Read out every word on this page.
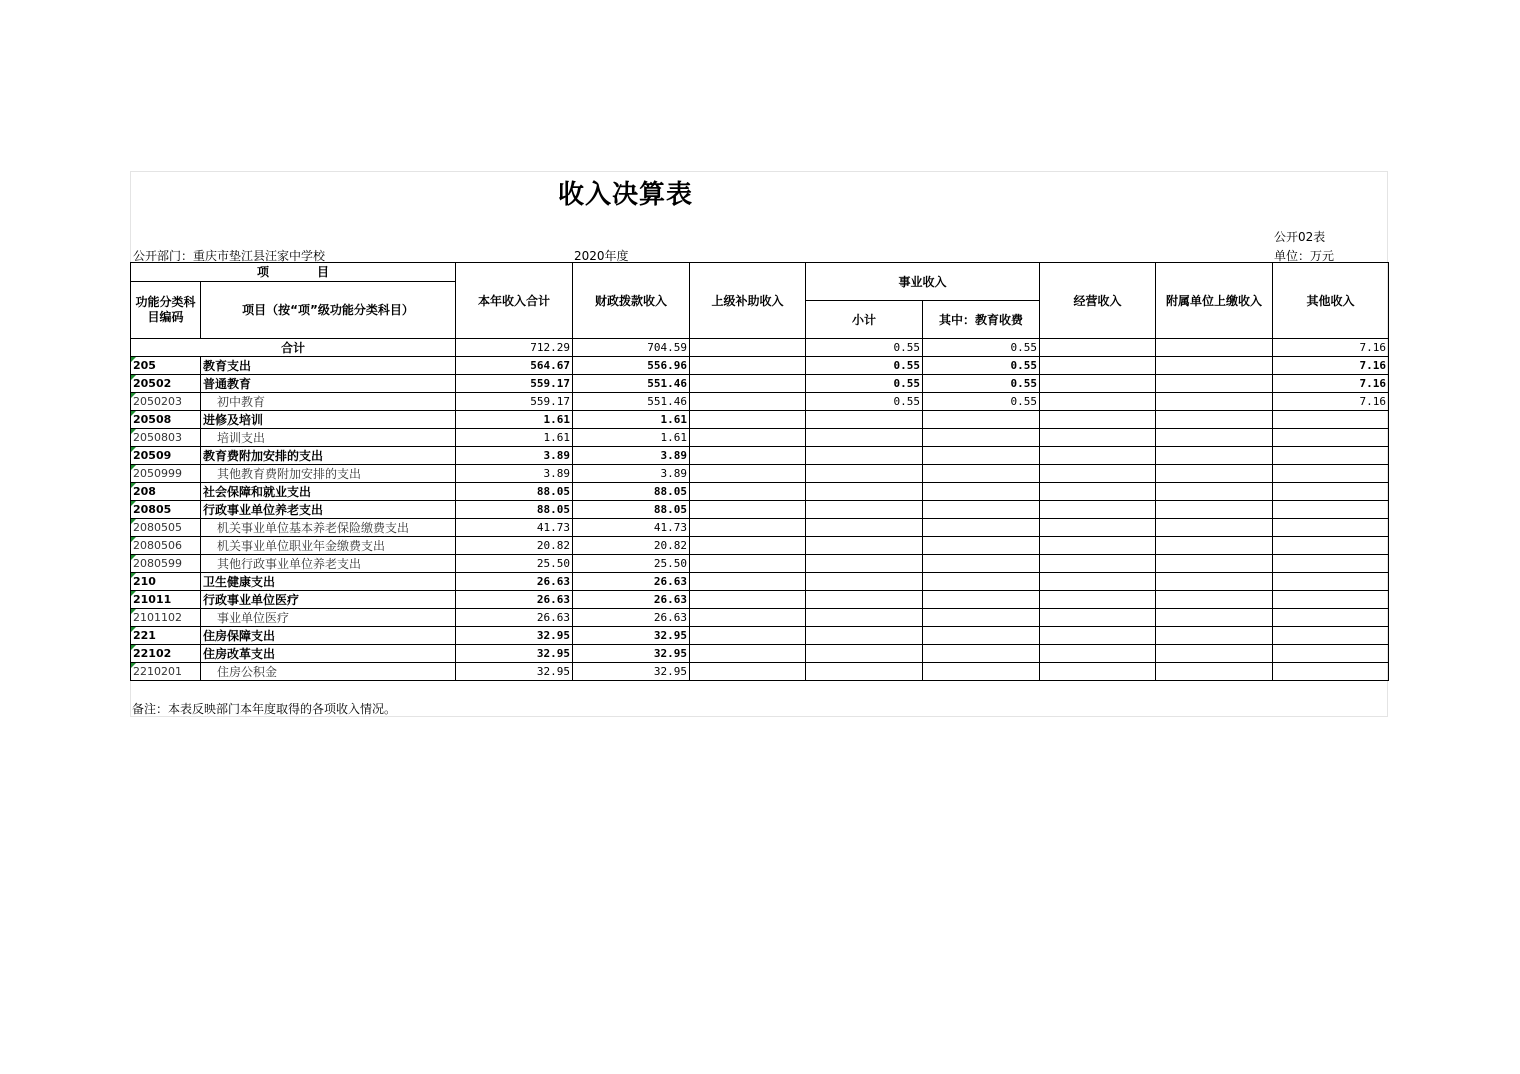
收入决算表
公开02表
公开部门：重庆市垫江县汪家中学校	2020年度	单位：万元
项　　　　目		本年收入合计	财政拨款收入	上级补助收入	事业收入		经营收入	附属单位上缴收入	其他收入
功能分类科目编码	项目（按“项”级功能分类科目）								
					小计	其中：教育收费			
合计		712.29	704.59		0.55	0.55			7.16
205	教育支出	564.67	556.96		0.55	0.55			7.16
20502	普通教育	559.17	551.46		0.55	0.55			7.16
2050203	初中教育	559.17	551.46		0.55	0.55			7.16
20508	进修及培训	1.61	1.61						
2050803	培训支出	1.61	1.61						
20509	教育费附加安排的支出	3.89	3.89						
2050999	其他教育费附加安排的支出	3.89	3.89						
208	社会保障和就业支出	88.05	88.05						
20805	行政事业单位养老支出	88.05	88.05						
2080505	机关事业单位基本养老保险缴费支出	41.73	41.73						
2080506	机关事业单位职业年金缴费支出	20.82	20.82						
2080599	其他行政事业单位养老支出	25.50	25.50						
210	卫生健康支出	26.63	26.63						
21011	行政事业单位医疗	26.63	26.63						
2101102	事业单位医疗	26.63	26.63						
221	住房保障支出	32.95	32.95						
22102	住房改革支出	32.95	32.95						
2210201	住房公积金	32.95	32.95						
备注：本表反映部门本年度取得的各项收入情况。
